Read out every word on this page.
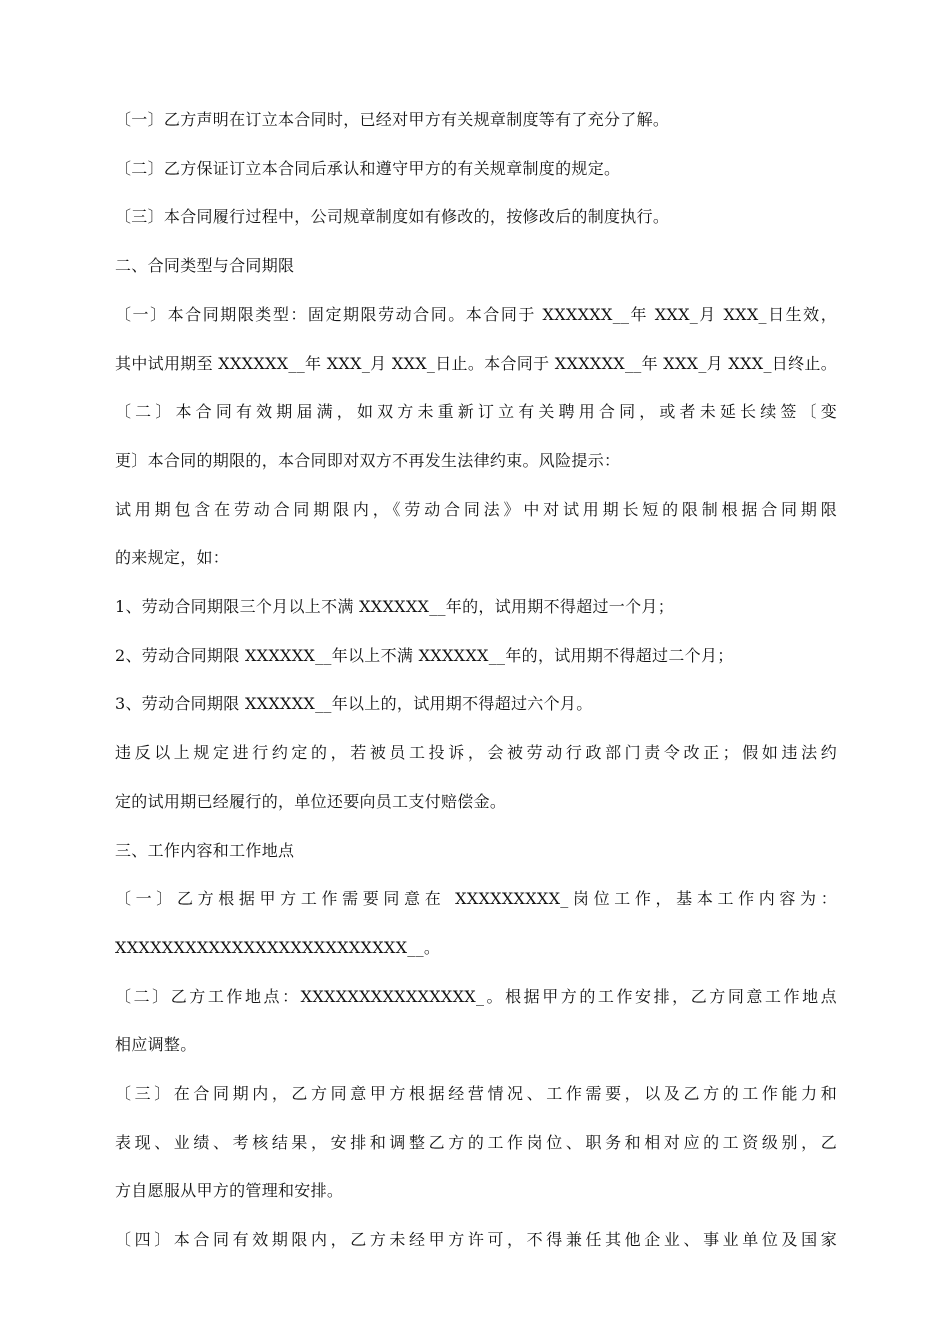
〔一〕乙方声明在订立本合同时，已经对甲方有关规章制度等有了充分了解。
〔二〕乙方保证订立本合同后承认和遵守甲方的有关规章制度的规定。
〔三〕本合同履行过程中，公司规章制度如有修改的，按修改后的制度执行。
二、合同类型与合同期限
〔一〕本合同期限类型：固定期限劳动合同。本合同于 XXXXXX__年 XXX_月 XXX_日生效，
其中试用期至 XXXXXX__年 XXX_月 XXX_日止。本合同于 XXXXXX__年 XXX_月 XXX_日终止。
〔二〕本合同有效期届满，如双方未重新订立有关聘用合同，或者未延长续签〔变
更〕本合同的期限的，本合同即对双方不再发生法律约束。风险提示：
试用期包含在劳动合同期限内，《劳动合同法》中对试用期长短的限制根据合同期限
的来规定，如：
1、劳动合同期限三个月以上不满 XXXXXX__年的，试用期不得超过一个月；
2、劳动合同期限 XXXXXX__年以上不满 XXXXXX__年的，试用期不得超过二个月；
3、劳动合同期限 XXXXXX__年以上的，试用期不得超过六个月。
违反以上规定进行约定的，若被员工投诉，会被劳动行政部门责令改正；假如违法约
定的试用期已经履行的，单位还要向员工支付赔偿金。
三、工作内容和工作地点
〔一〕乙方根据甲方工作需要同意在 XXXXXXXXX_岗位工作，基本工作内容为：
XXXXXXXXXXXXXXXXXXXXXXXXX__。
〔二〕乙方工作地点：XXXXXXXXXXXXXXX_。根据甲方的工作安排，乙方同意工作地点
相应调整。
〔三〕在合同期内，乙方同意甲方根据经营情况、工作需要，以及乙方的工作能力和
表现、业绩、考核结果，安排和调整乙方的工作岗位、职务和相对应的工资级别，乙
方自愿服从甲方的管理和安排。
〔四〕本合同有效期限内，乙方未经甲方许可，不得兼任其他企业、事业单位及国家
